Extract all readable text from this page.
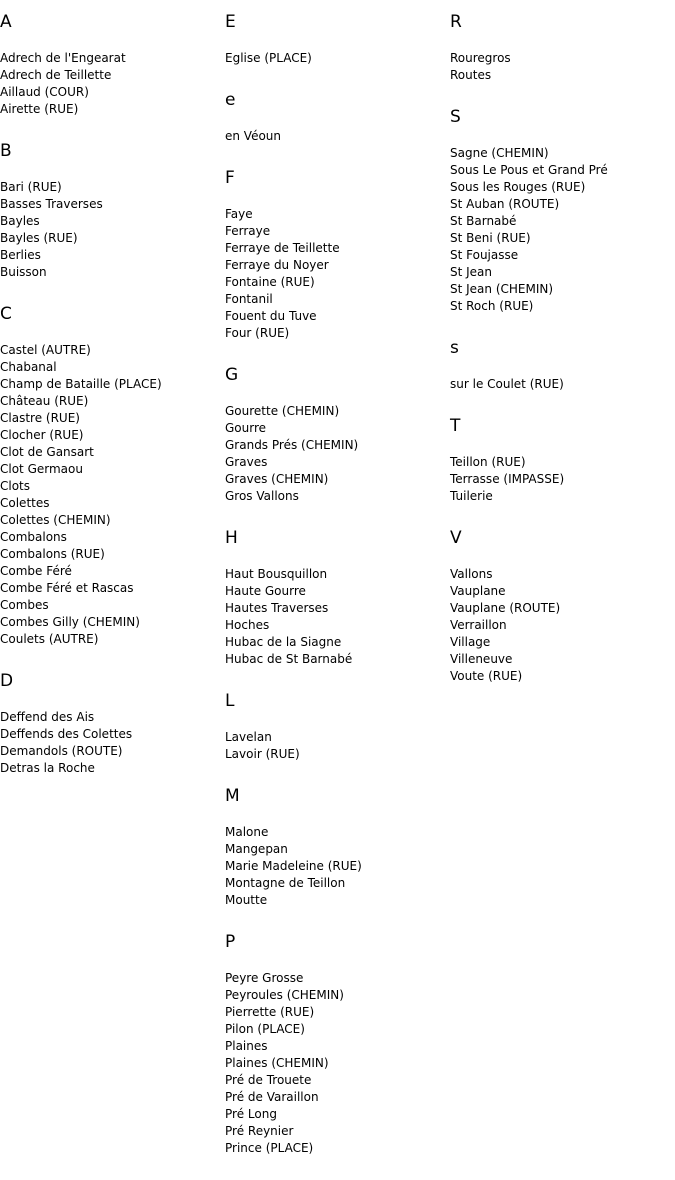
A
Adrech de l'Engearat
Adrech de Teillette
Aillaud (COUR)
Airette (RUE)
B
Bari (RUE)
Basses Traverses
Bayles
Bayles (RUE)
Berlies
Buisson
C
Castel (AUTRE)
Chabanal
Champ de Bataille (PLACE)
Château (RUE)
Clastre (RUE)
Clocher (RUE)
Clot de Gansart
Clot Germaou
Clots
Colettes
Colettes (CHEMIN)
Combalons
Combalons (RUE)
Combe Féré
Combe Féré et Rascas
Combes
Combes Gilly (CHEMIN)
Coulets (AUTRE)
D
Deffend des Ais
Deffends des Colettes
Demandols (ROUTE)
Detras la Roche
E
Eglise (PLACE)
e
en Véoun
F
Faye
Ferraye
Ferraye de Teillette
Ferraye du Noyer
Fontaine (RUE)
Fontanil
Fouent du Tuve
Four (RUE)
G
Gourette (CHEMIN)
Gourre
Grands Prés (CHEMIN)
Graves
Graves (CHEMIN)
Gros Vallons
H
Haut Bousquillon
Haute Gourre
Hautes Traverses
Hoches
Hubac de la Siagne
Hubac de St Barnabé
L
Lavelan
Lavoir (RUE)
M
Malone
Mangepan
Marie Madeleine (RUE)
Montagne de Teillon
Moutte
P
Peyre Grosse
Peyroules (CHEMIN)
Pierrette (RUE)
Pilon (PLACE)
Plaines
Plaines (CHEMIN)
Pré de Trouete
Pré de Varaillon
Pré Long
Pré Reynier
Prince (PLACE)
R
Rouregros
Routes
S
Sagne (CHEMIN)
Sous Le Pous et Grand Pré
Sous les Rouges (RUE)
St Auban (ROUTE)
St Barnabé
St Beni (RUE)
St Foujasse
St Jean
St Jean (CHEMIN)
St Roch (RUE)
s
sur le Coulet (RUE)
T
Teillon (RUE)
Terrasse (IMPASSE)
Tuilerie
V
Vallons
Vauplane
Vauplane (ROUTE)
Verraillon
Village
Villeneuve
Voute (RUE)
